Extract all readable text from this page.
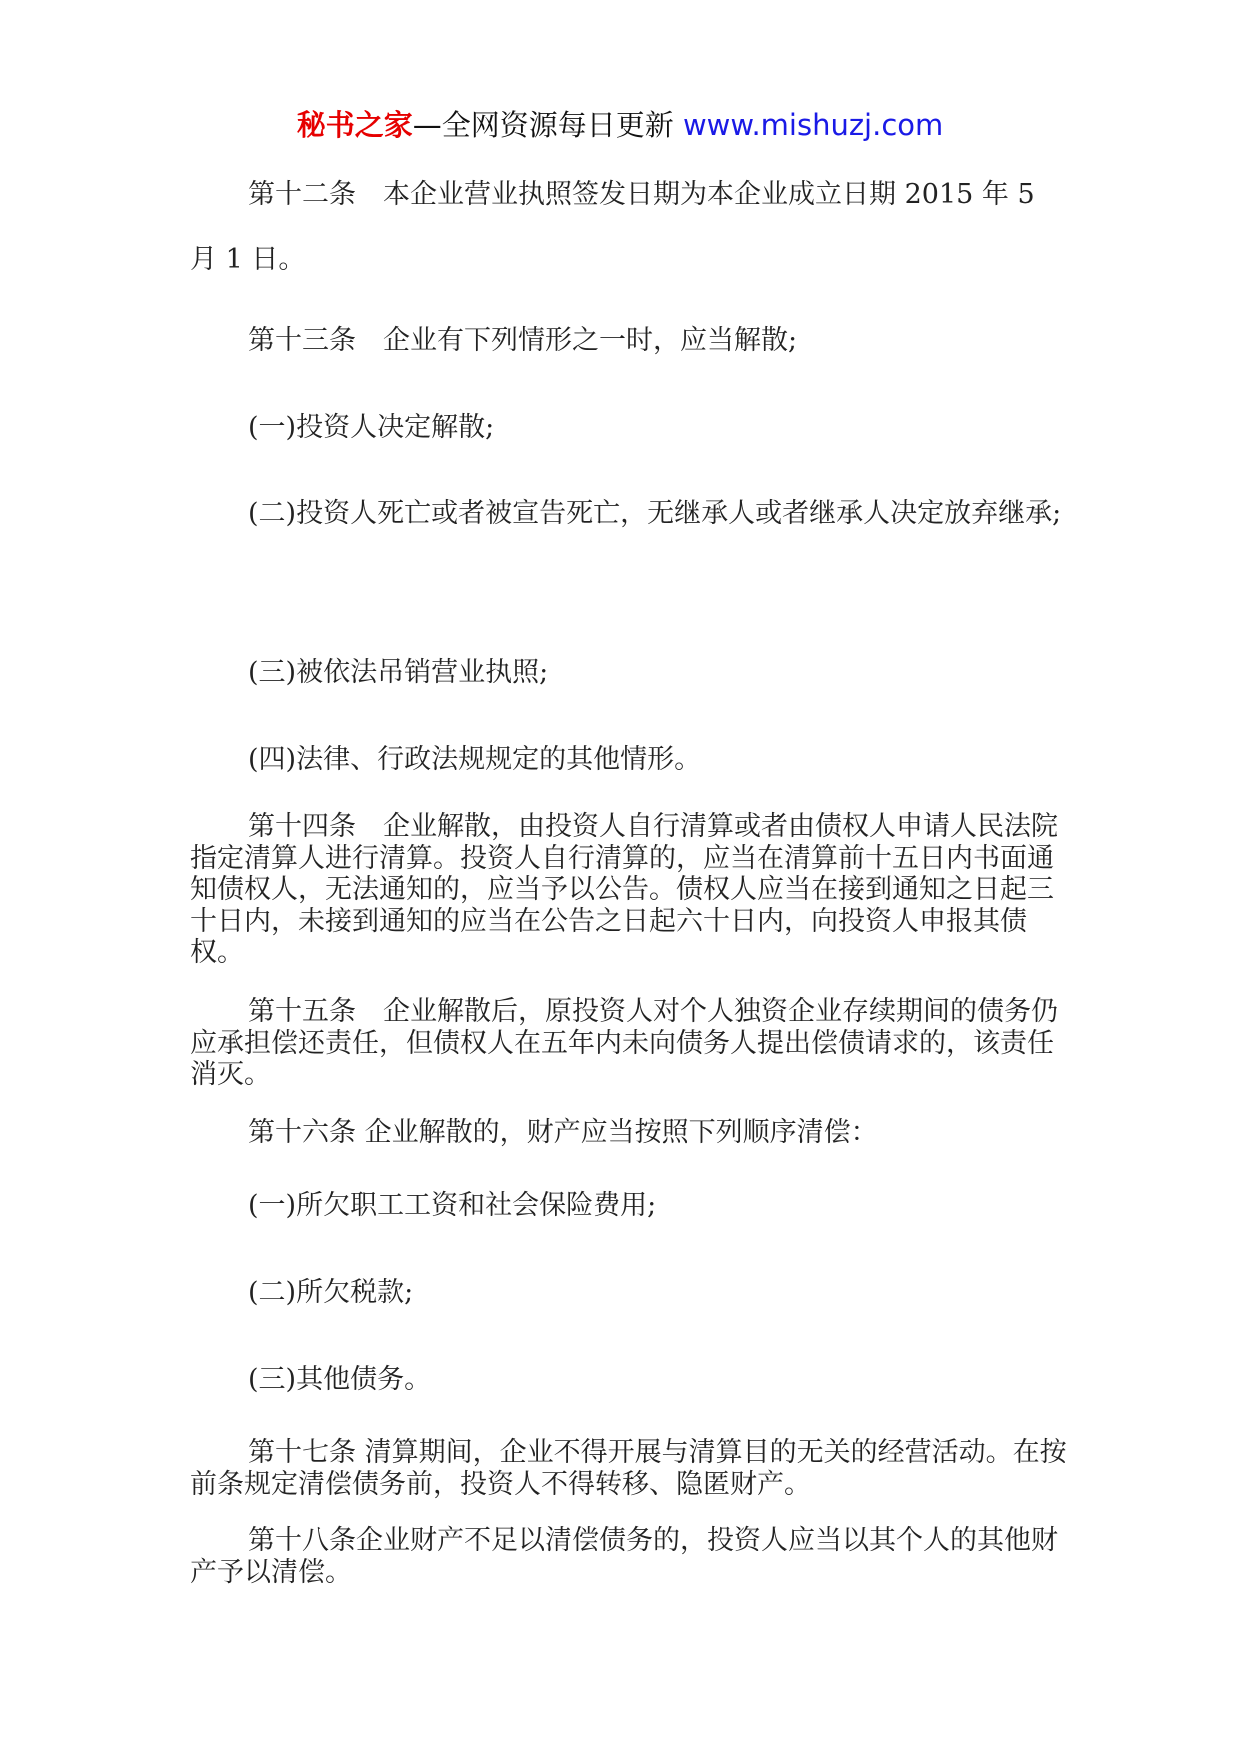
秘书之家—全网资源每日更新 www.mishuzj.com

第十二条　本企业营业执照签发日期为本企业成立日期 2015 年 5 月 1 日。

第十三条　企业有下列情形之一时，应当解散;

(一)投资人决定解散;

(二)投资人死亡或者被宣告死亡，无继承人或者继承人决定放弃继承;

(三)被依法吊销营业执照;

(四)法律、行政法规规定的其他情形。

第十四条　企业解散，由投资人自行清算或者由债权人申请人民法院指定清算人进行清算。投资人自行清算的，应当在清算前十五日内书面通知债权人，无法通知的，应当予以公告。债权人应当在接到通知之日起三十日内，未接到通知的应当在公告之日起六十日内，向投资人申报其债权。

第十五条　企业解散后，原投资人对个人独资企业存续期间的债务仍应承担偿还责任，但债权人在五年内未向债务人提出偿债请求的，该责任消灭。

第十六条 企业解散的，财产应当按照下列顺序清偿：

(一)所欠职工工资和社会保险费用;

(二)所欠税款;

(三)其他债务。

第十七条 清算期间，企业不得开展与清算目的无关的经营活动。在按前条规定清偿债务前，投资人不得转移、隐匿财产。

第十八条企业财产不足以清偿债务的，投资人应当以其个人的其他财产予以清偿。
